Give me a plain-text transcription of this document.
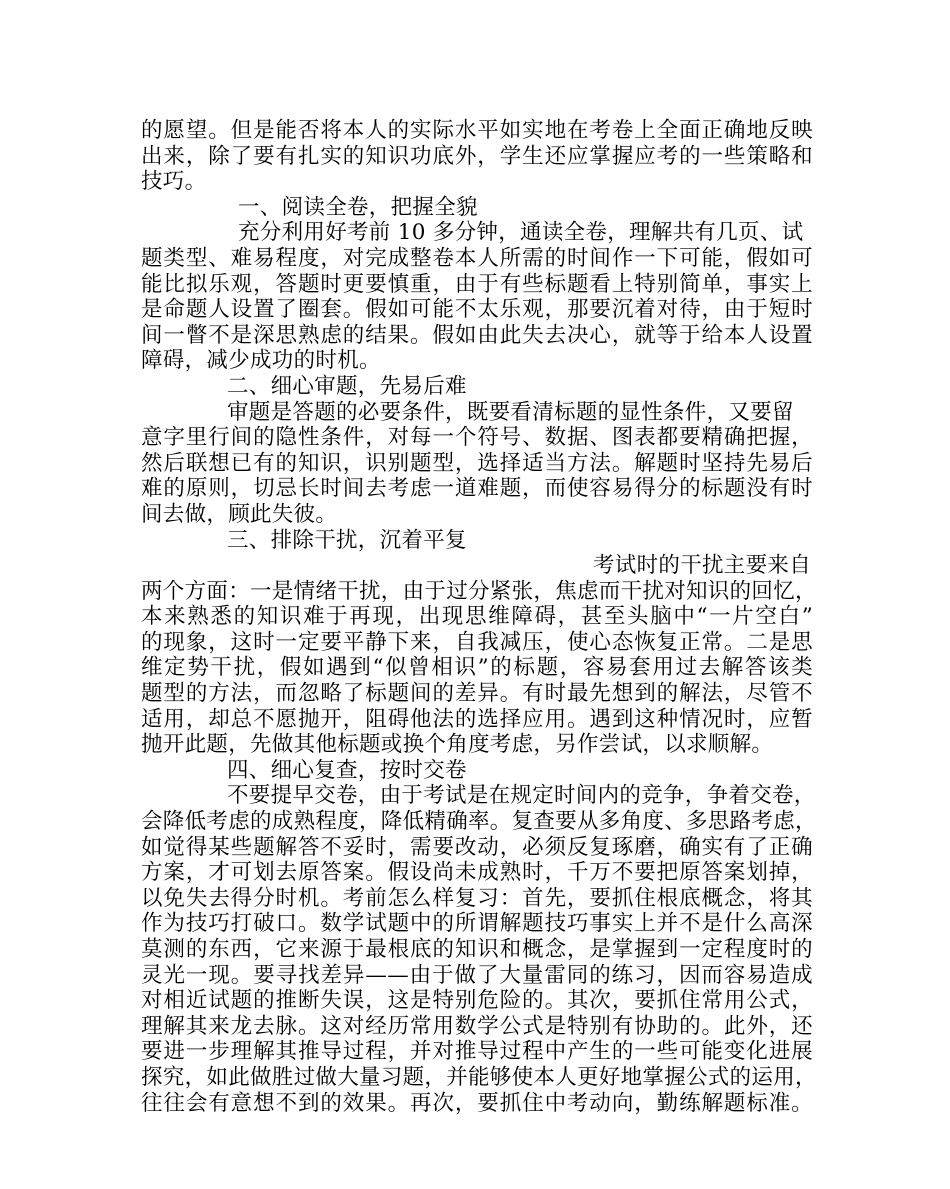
的愿望。但是能否将本人的实际水平如实地在考卷上全面正确地反映
出来，除了要有扎实的知识功底外，学生还应掌握应考的一些策略和
技巧。
一、阅读全卷，把握全貌
充分利用好考前 10 多分钟，通读全卷，理解共有几页、试
题类型、难易程度，对完成整卷本人所需的时间作一下可能，假如可
能比拟乐观，答题时更要慎重，由于有些标题看上特别简单，事实上
是命题人设置了圈套。假如可能不太乐观，那要沉着对待，由于短时
间一瞥不是深思熟虑的结果。假如由此失去决心，就等于给本人设置
障碍，减少成功的时机。
二、细心审题，先易后难
审题是答题的必要条件，既要看清标题的显性条件，又要留
意字里行间的隐性条件，对每一个符号、数据、图表都要精确把握，
然后联想已有的知识，识别题型，选择适当方法。解题时坚持先易后
难的原则，切忌长时间去考虑一道难题，而使容易得分的标题没有时
间去做，顾此失彼。
三、排除干扰，沉着平复
考试时的干扰主要来自
两个方面：一是情绪干扰，由于过分紧张，焦虑而干扰对知识的回忆，
本来熟悉的知识难于再现，出现思维障碍，甚至头脑中“一片空白”
的现象，这时一定要平静下来，自我减压，使心态恢复正常。二是思
维定势干扰，假如遇到“似曾相识”的标题，容易套用过去解答该类
题型的方法，而忽略了标题间的差异。有时最先想到的解法，尽管不
适用，却总不愿抛开，阻碍他法的选择应用。遇到这种情况时，应暂
抛开此题，先做其他标题或换个角度考虑，另作尝试，以求顺解。
四、细心复查，按时交卷
不要提早交卷，由于考试是在规定时间内的竞争，争着交卷，
会降低考虑的成熟程度，降低精确率。复查要从多角度、多思路考虑，
如觉得某些题解答不妥时，需要改动，必须反复琢磨，确实有了正确
方案，才可划去原答案。假设尚未成熟时，千万不要把原答案划掉，
以免失去得分时机。考前怎么样复习：首先，要抓住根底概念，将其
作为技巧打破口。数学试题中的所谓解题技巧事实上并不是什么高深
莫测的东西，它来源于最根底的知识和概念，是掌握到一定程度时的
灵光一现。要寻找差异——由于做了大量雷同的练习，因而容易造成
对相近试题的推断失误，这是特别危险的。其次，要抓住常用公式，
理解其来龙去脉。这对经历常用数学公式是特别有协助的。此外，还
要进一步理解其推导过程，并对推导过程中产生的一些可能变化进展
探究，如此做胜过做大量习题，并能够使本人更好地掌握公式的运用，
往往会有意想不到的效果。再次，要抓住中考动向，勤练解题标准。
